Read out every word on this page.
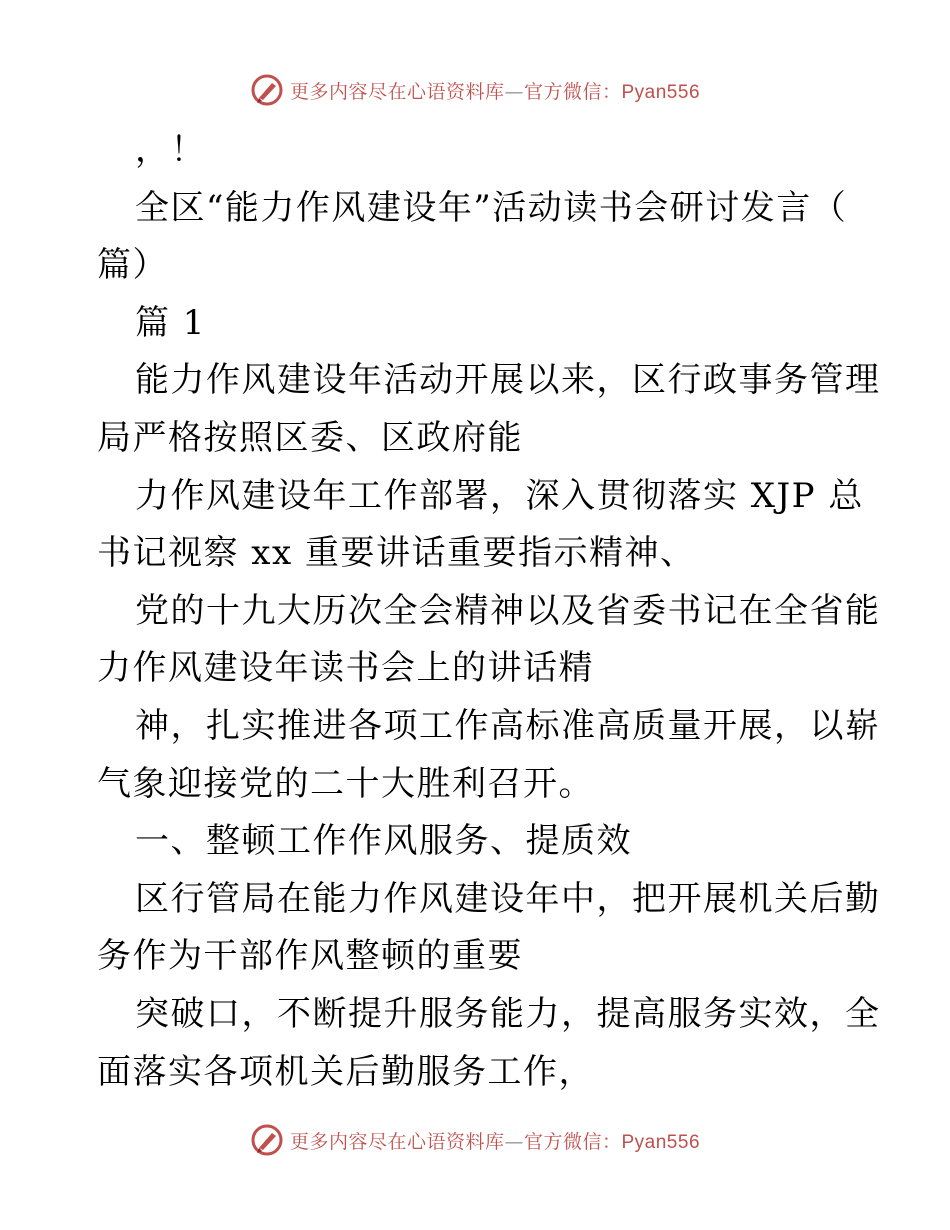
更多内容尽在心语资料库—官方微信：Pyan556
，！
全区“能力作风建设年”活动读书会研讨发言（
篇）
篇 1
能力作风建设年活动开展以来，区行政事务管理
局严格按照区委、区政府能
力作风建设年工作部署，深入贯彻落实 XJP 总
书记视察 xx 重要讲话重要指示精神、
党的十九大历次全会精神以及省委书记在全省能
力作风建设年读书会上的讲话精
神，扎实推进各项工作高标准高质量开展，以崭
气象迎接党的二十大胜利召开。
一、整顿工作作风服务、提质效
区行管局在能力作风建设年中，把开展机关后勤
务作为干部作风整顿的重要
突破口，不断提升服务能力，提高服务实效，全
面落实各项机关后勤服务工作，
更多内容尽在心语资料库—官方微信：Pyan556
